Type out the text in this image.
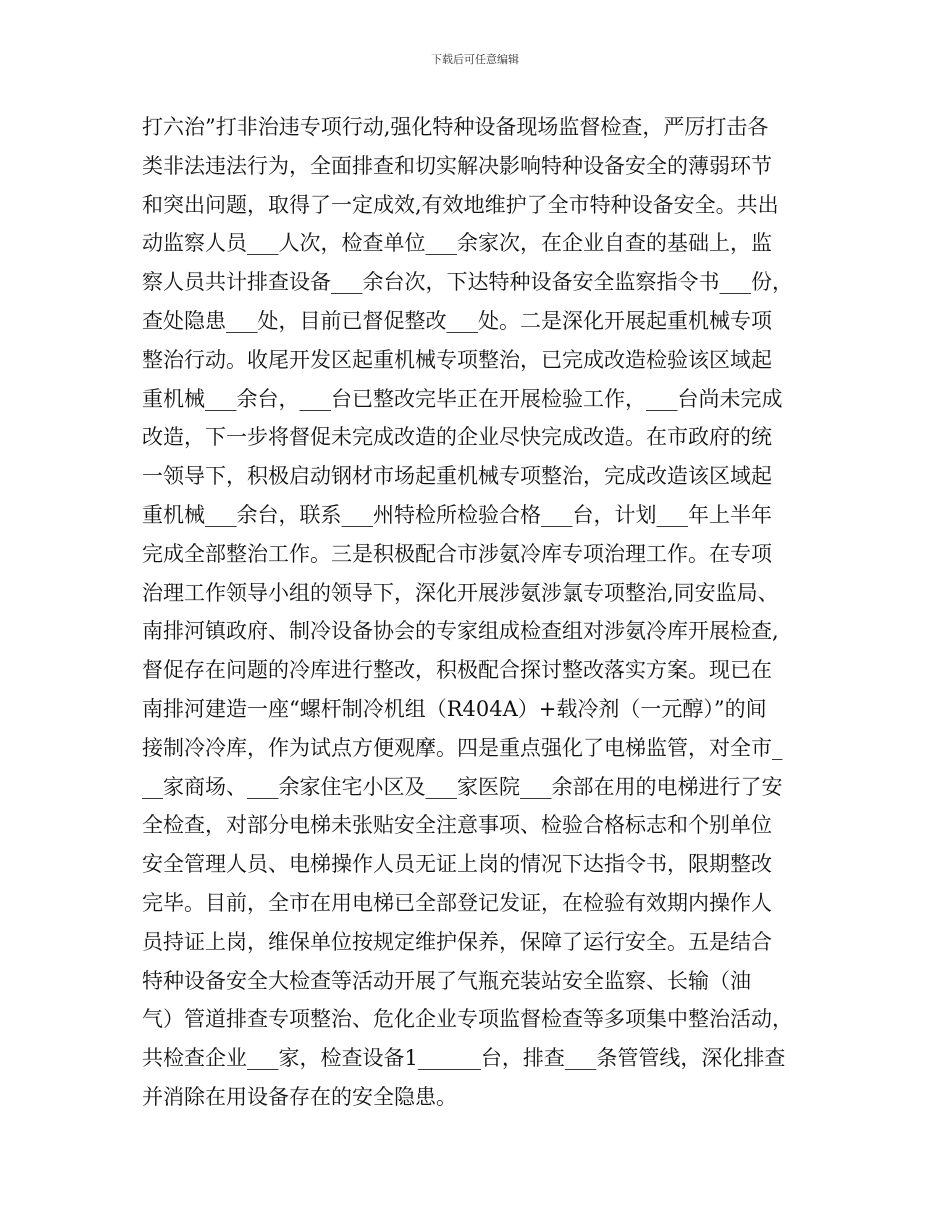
下载后可任意编辑
打六治”打非治违专项行动,强化特种设备现场监督检查，严厉打击各
类非法违法行为，全面排查和切实解决影响特种设备安全的薄弱环节
和突出问题，取得了一定成效,有效地维护了全市特种设备安全。共出
动监察人员___人次，检查单位___余家次，在企业自查的基础上，监
察人员共计排查设备___余台次，下达特种设备安全监察指令书___份，
查处隐患___处，目前已督促整改___处。二是深化开展起重机械专项
整治行动。收尾开发区起重机械专项整治，已完成改造检验该区域起
重机械___余台，___台已整改完毕正在开展检验工作，___台尚未完成
改造，下一步将督促未完成改造的企业尽快完成改造。在市政府的统
一领导下，积极启动钢材市场起重机械专项整治，完成改造该区域起
重机械___余台，联系___州特检所检验合格___台，计划___年上半年
完成全部整治工作。三是积极配合市涉氨冷库专项治理工作。在专项
治理工作领导小组的领导下，深化开展涉氨涉氯专项整治,同安监局、
南排河镇政府、制冷设备协会的专家组成检查组对涉氨冷库开展检查,
督促存在问题的冷库进行整改，积极配合探讨整改落实方案。现已在
南排河建造一座“螺杆制冷机组（R404A）+载冷剂（一元醇）”的间
接制冷冷库，作为试点方便观摩。四是重点强化了电梯监管，对全市_
__家商场、___余家住宅小区及___家医院___余部在用的电梯进行了安
全检查，对部分电梯未张贴安全注意事项、检验合格标志和个别单位
安全管理人员、电梯操作人员无证上岗的情况下达指令书，限期整改
完毕。目前，全市在用电梯已全部登记发证，在检验有效期内操作人
员持证上岗，维保单位按规定维护保养，保障了运行安全。五是结合
特种设备安全大检查等活动开展了气瓶充装站安全监察、长输（油
气）管道排查专项整治、危化企业专项监督检查等多项集中整治活动，
共检查企业___家，检查设备1______台，排查___条管管线，深化排查
并消除在用设备存在的安全隐患。
